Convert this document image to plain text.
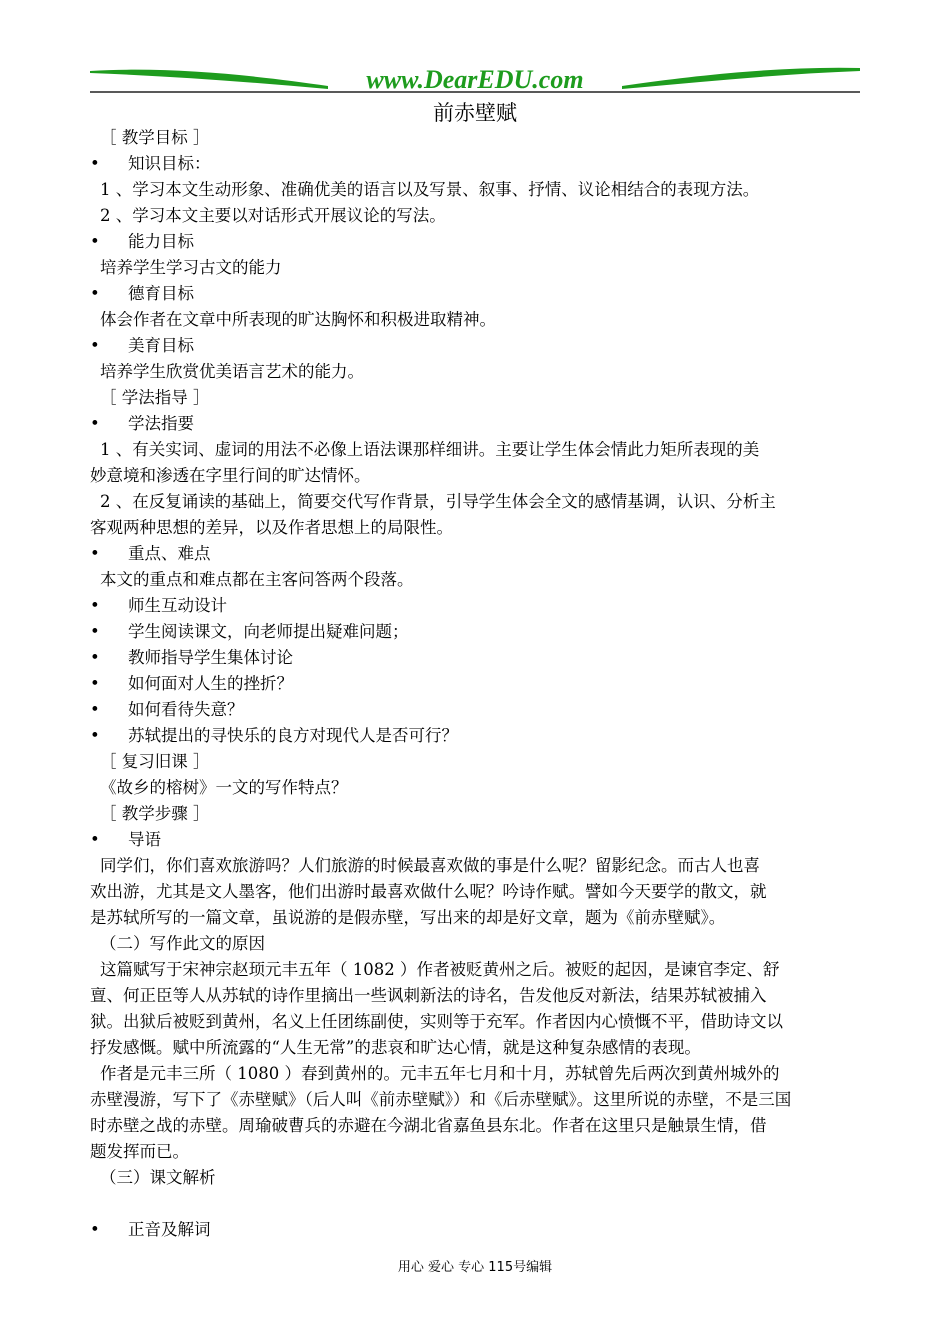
www.DearEDU.com
前赤壁赋
［ 教学目标 ］
•	知识目标：
1 、学习本文生动形象、准确优美的语言以及写景、叙事、抒情、议论相结合的表现方法。
2 、学习本文主要以对话形式开展议论的写法。
•	能力目标
培养学生学习古文的能力
•	德育目标
体会作者在文章中所表现的旷达胸怀和积极进取精神。
•	美育目标
培养学生欣赏优美语言艺术的能力。
［ 学法指导 ］
•	学法指要
1 、有关实词、虚词的用法不必像上语法课那样细讲。主要让学生体会情此力矩所表现的美
妙意境和渗透在字里行间的旷达情怀。
2 、在反复诵读的基础上，简要交代写作背景，引导学生体会全文的感情基调，认识、分析主
客观两种思想的差异，以及作者思想上的局限性。
•	重点、难点
本文的重点和难点都在主客问答两个段落。
•	师生互动设计
•	学生阅读课文，向老师提出疑难问题；
•	教师指导学生集体讨论
•	如何面对人生的挫折？
•	如何看待失意？
•	苏轼提出的寻快乐的良方对现代人是否可行？
［ 复习旧课 ］
《故乡的榕树》一文的写作特点？
［ 教学步骤 ］
•	导语
同学们，你们喜欢旅游吗？人们旅游的时候最喜欢做的事是什么呢？留影纪念。而古人也喜
欢出游，尤其是文人墨客，他们出游时最喜欢做什么呢？吟诗作赋。譬如今天要学的散文，就
是苏轼所写的一篇文章，虽说游的是假赤壁，写出来的却是好文章，题为《前赤壁赋》。
（二）写作此文的原因
这篇赋写于宋神宗赵顼元丰五年（ 1082 ）作者被贬黄州之后。被贬的起因，是谏官李定、舒
亶、何正臣等人从苏轼的诗作里摘出一些讽刺新法的诗名，告发他反对新法，结果苏轼被捕入
狱。出狱后被贬到黄州，名义上任团练副使，实则等于充军。作者因内心愤慨不平，借助诗文以
抒发感慨。赋中所流露的“人生无常”的悲哀和旷达心情，就是这种复杂感情的表现。
作者是元丰三所（ 1080 ）春到黄州的。元丰五年七月和十月，苏轼曾先后两次到黄州城外的
赤壁漫游，写下了《赤壁赋》（后人叫《前赤壁赋》）和《后赤壁赋》。这里所说的赤壁，不是三国
时赤壁之战的赤壁。周瑜破曹兵的赤避在今湖北省嘉鱼县东北。作者在这里只是触景生情，借
题发挥而已。
（三）课文解析
•	正音及解词
用心 爱心 专心 115号编辑
